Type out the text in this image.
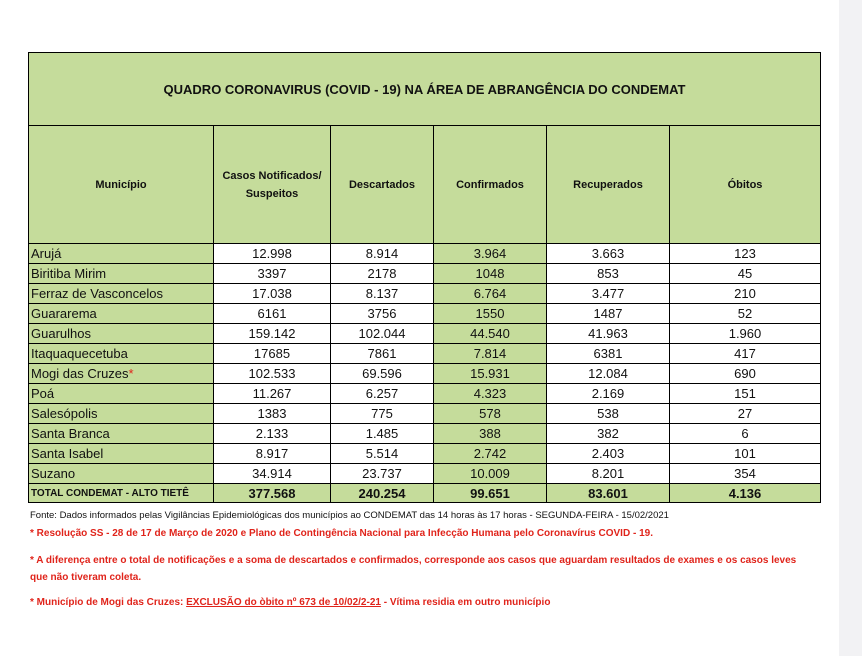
QUADRO CORONAVIRUS (COVID - 19) NA ÁREA DE ABRANGÊNCIA DO CONDEMAT					
Município	Casos Notificados/ Suspeitos	Descartados	Confirmados	Recuperados	Óbitos
Arujá	12.998	8.914	3.964	3.663	123
Biritiba Mirim	3397	2178	1048	853	45
Ferraz de Vasconcelos	17.038	8.137	6.764	3.477	210
Guararema	6161	3756	1550	1487	52
Guarulhos	159.142	102.044	44.540	41.963	1.960
Itaquaquecetuba	17685	7861	7.814	6381	417
Mogi das Cruzes*	102.533	69.596	15.931	12.084	690
Poá	11.267	6.257	4.323	2.169	151
Salesópolis	1383	775	578	538	27
Santa Branca	2.133	1.485	388	382	6
Santa Isabel	8.917	5.514	2.742	2.403	101
Suzano	34.914	23.737	10.009	8.201	354
TOTAL CONDEMAT - ALTO TIETÊ	377.568	240.254	99.651	83.601	4.136
Fonte: Dados informados pelas Vigilâncias Epidemiológicas dos municípios ao CONDEMAT das 14 horas às 17 horas - SEGUNDA-FEIRA - 15/02/2021
* Resolução SS - 28 de 17 de Março de 2020 e Plano de Contingência Nacional para Infecção Humana pelo Coronavírus COVID - 19.
* A diferença entre o total de notificações e a soma de descartados e confirmados, corresponde aos casos que aguardam resultados de exames e os casos leves que não tiveram coleta.
* Município de Mogi das Cruzes: EXCLUSÃO do òbito nº 673 de 10/02/2-21 - Vítima residia em outro município
